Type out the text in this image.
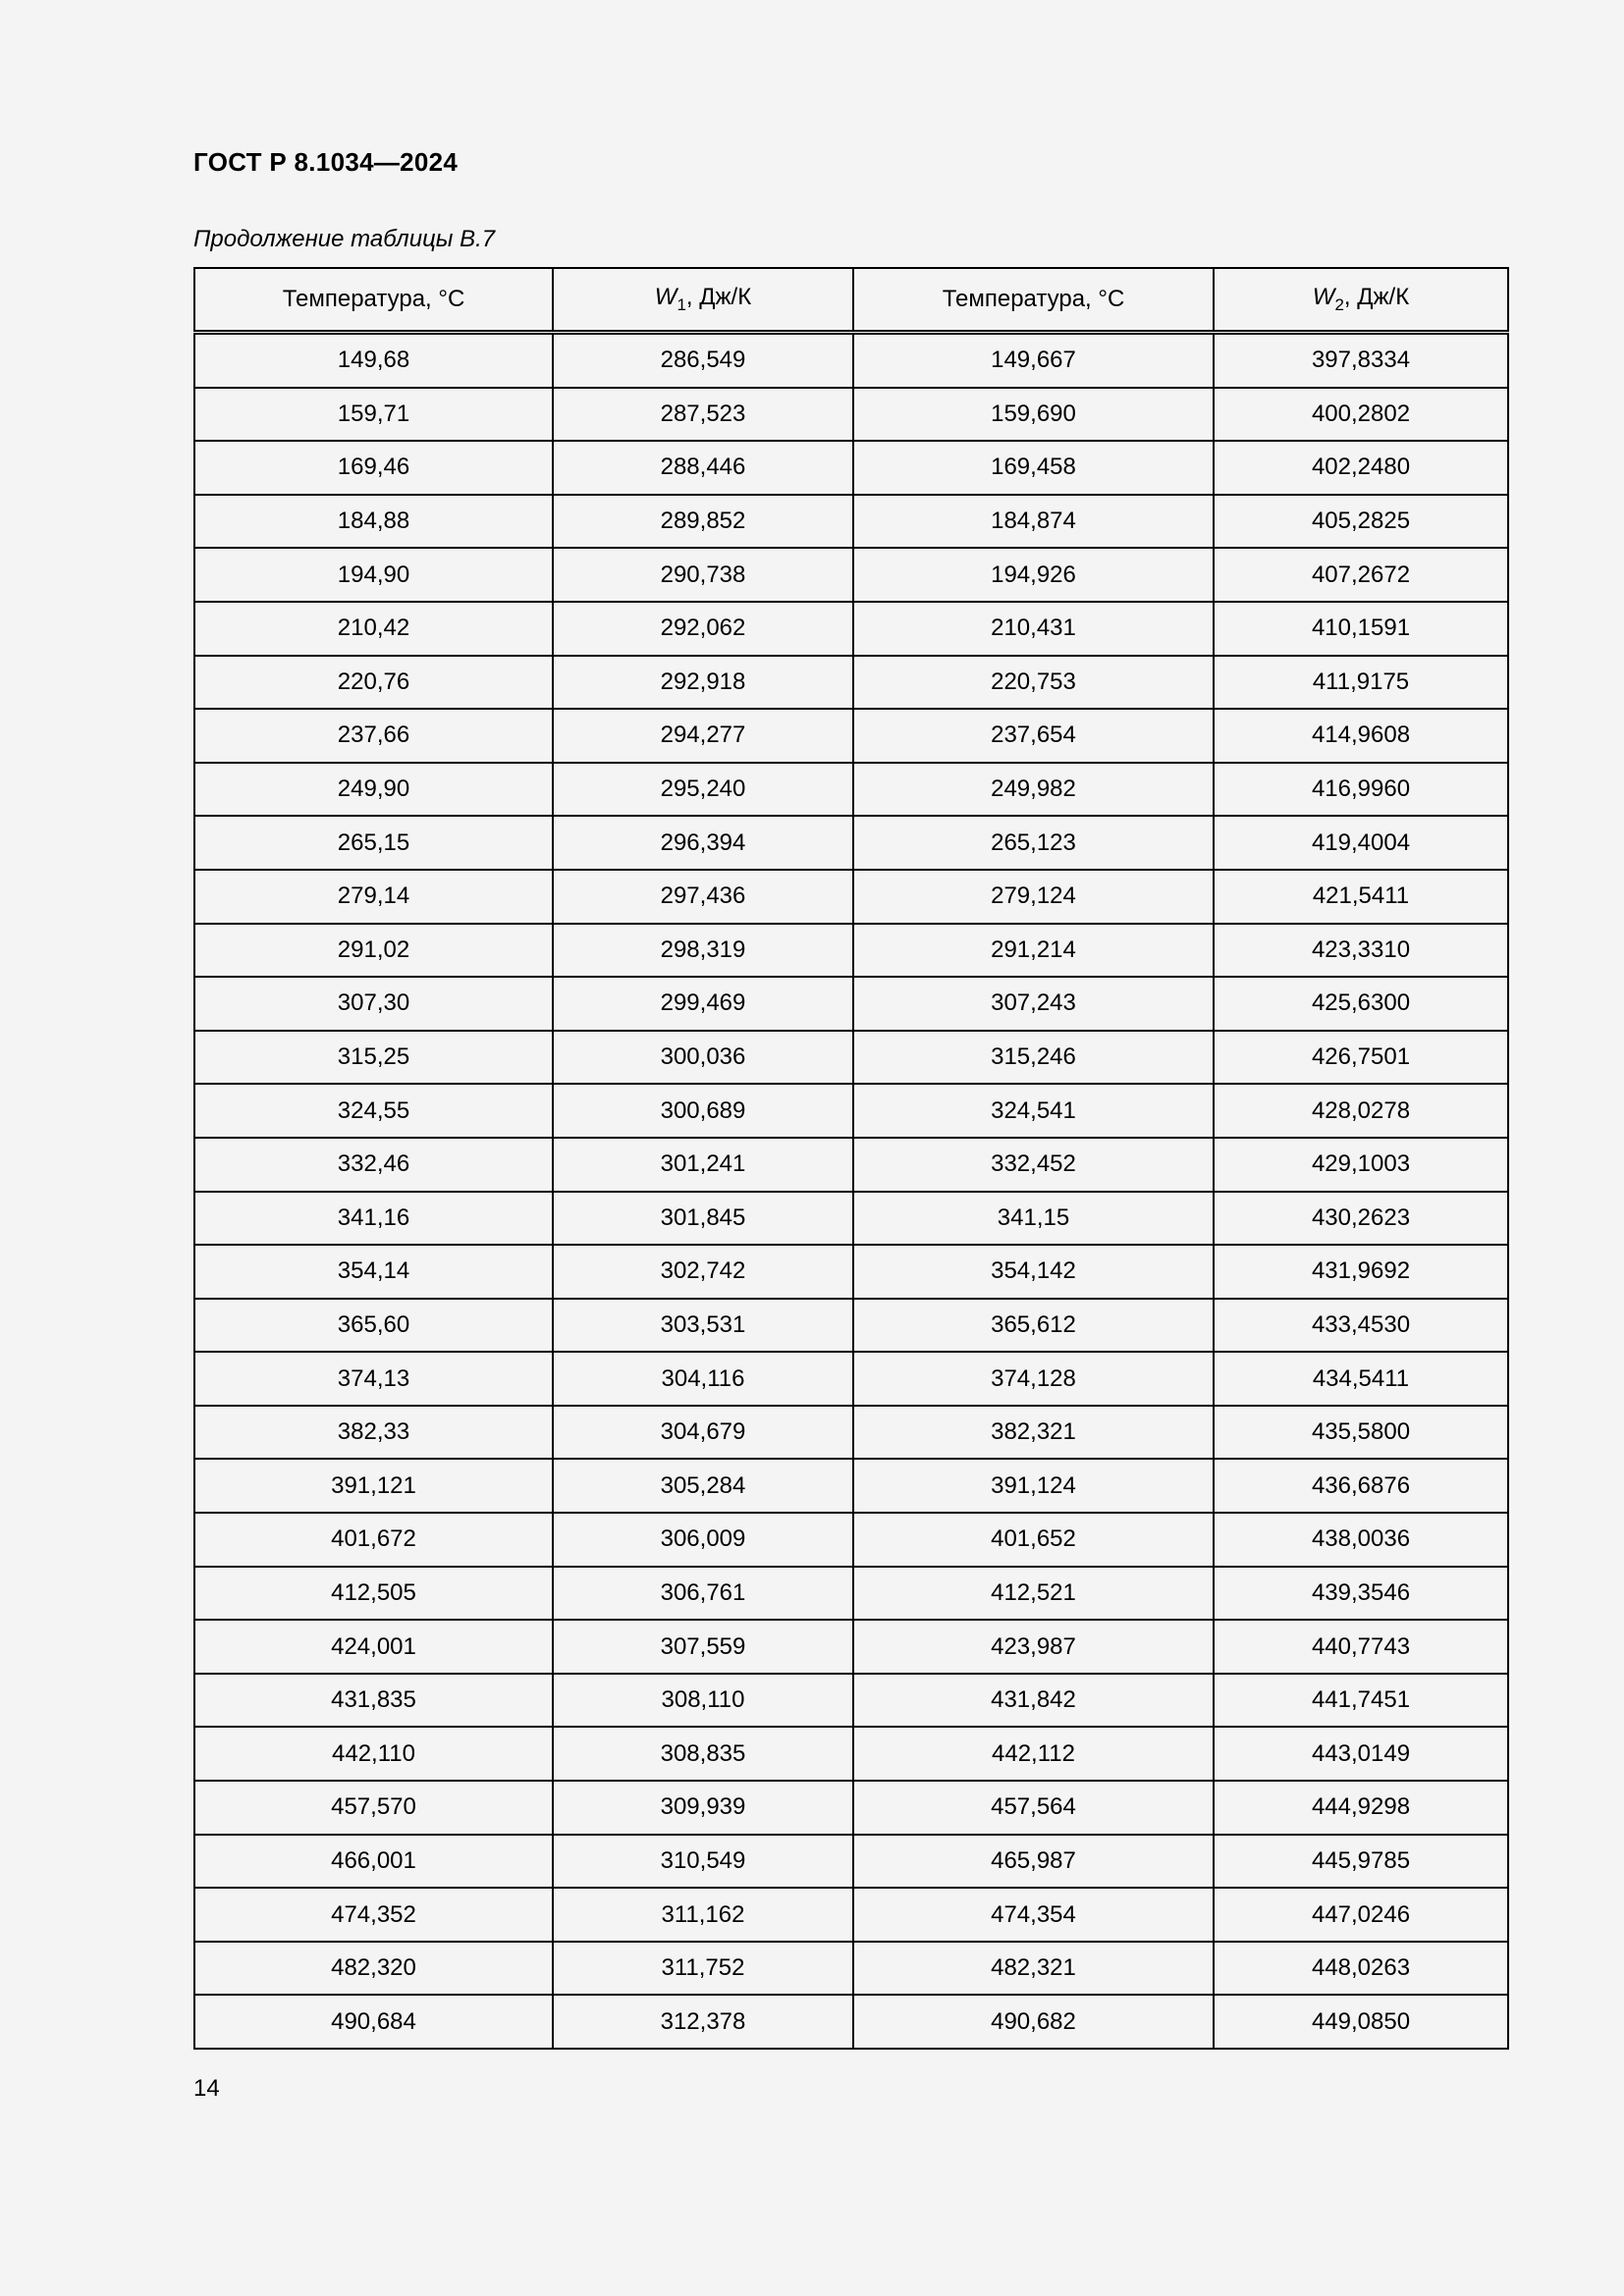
ГОСТ Р 8.1034—2024
Продолжение таблицы В.7
Температура, °С	$W_1$, Дж/К	Температура, °С	$W_2$, Дж/К
149,68	286,549	149,667	397,8334
159,71	287,523	159,690	400,2802
169,46	288,446	169,458	402,2480
184,88	289,852	184,874	405,2825
194,90	290,738	194,926	407,2672
210,42	292,062	210,431	410,1591
220,76	292,918	220,753	411,9175
237,66	294,277	237,654	414,9608
249,90	295,240	249,982	416,9960
265,15	296,394	265,123	419,4004
279,14	297,436	279,124	421,5411
291,02	298,319	291,214	423,3310
307,30	299,469	307,243	425,6300
315,25	300,036	315,246	426,7501
324,55	300,689	324,541	428,0278
332,46	301,241	332,452	429,1003
341,16	301,845	341,15	430,2623
354,14	302,742	354,142	431,9692
365,60	303,531	365,612	433,4530
374,13	304,116	374,128	434,5411
382,33	304,679	382,321	435,5800
391,121	305,284	391,124	436,6876
401,672	306,009	401,652	438,0036
412,505	306,761	412,521	439,3546
424,001	307,559	423,987	440,7743
431,835	308,110	431,842	441,7451
442,110	308,835	442,112	443,0149
457,570	309,939	457,564	444,9298
466,001	310,549	465,987	445,9785
474,352	311,162	474,354	447,0246
482,320	311,752	482,321	448,0263
490,684	312,378	490,682	449,0850
14
